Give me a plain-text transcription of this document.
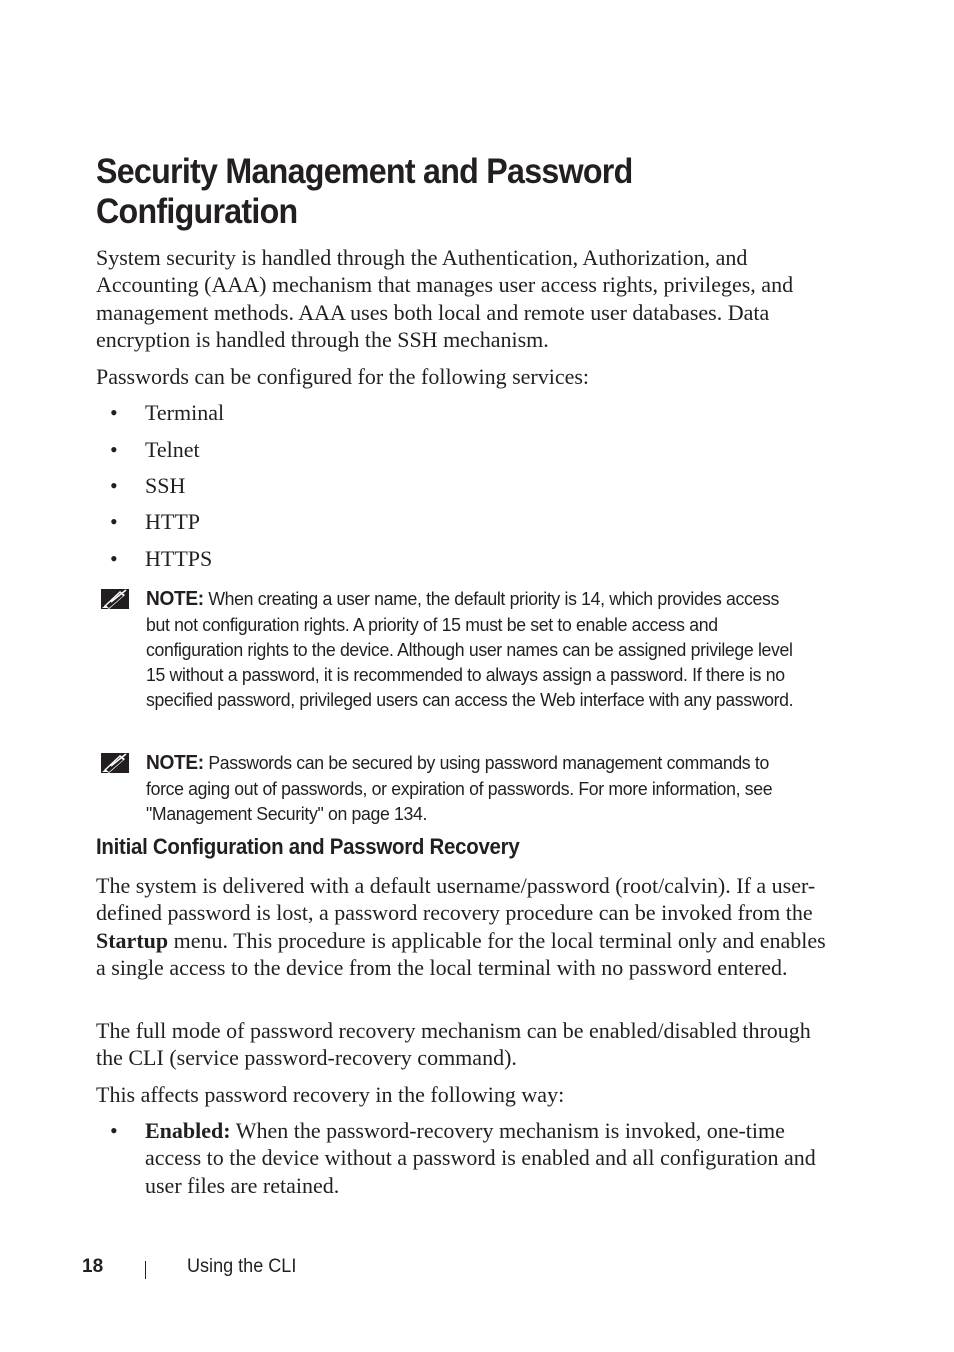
Security Management and Password
Configuration

System security is handled through the Authentication, Authorization, and Accounting (AAA) mechanism that manages user access rights, privileges, and management methods. AAA uses both local and remote user databases. Data encryption is handled through the SSH mechanism.

Passwords can be configured for the following services:

• Terminal

• Telnet

• SSH

• HTTP

• HTTPS

NOTE: When creating a user name, the default priority is 14, which provides access but not configuration rights. A priority of 15 must be set to enable access and configuration rights to the device. Although user names can be assigned privilege level 15 without a password, it is recommended to always assign a password. If there is no specified password, privileged users can access the Web interface with any password.

NOTE: Passwords can be secured by using password management commands to force aging out of passwords, or expiration of passwords. For more information, see "Management Security" on page 134.

Initial Configuration and Password Recovery

The system is delivered with a default username/password (root/calvin). If a user-defined password is lost, a password recovery procedure can be invoked from the Startup menu. This procedure is applicable for the local terminal only and enables a single access to the device from the local terminal with no password entered.

The full mode of password recovery mechanism can be enabled/disabled through the CLI (service password-recovery command).

This affects password recovery in the following way:

• Enabled: When the password-recovery mechanism is invoked, one-time access to the device without a password is enabled and all configuration and user files are retained.

18	Using the CLI
